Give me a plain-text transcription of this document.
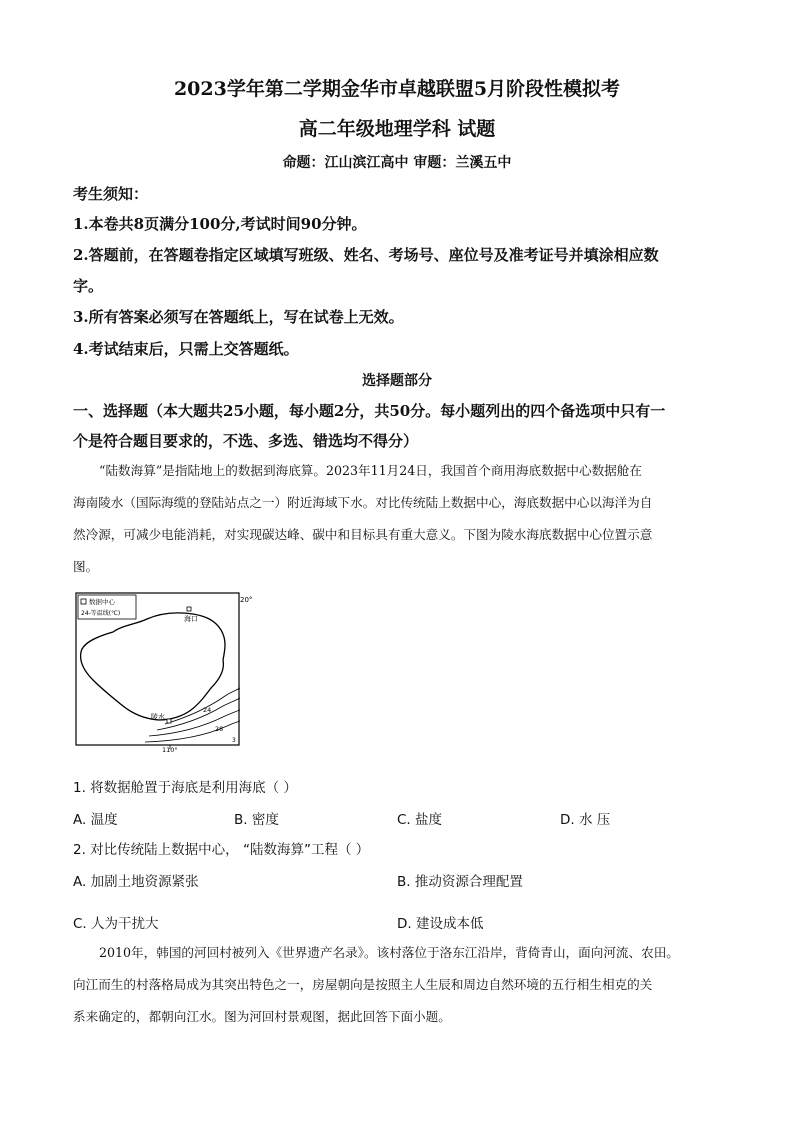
2023学年第二学期金华市卓越联盟5月阶段性模拟考
高二年级地理学科 试题
命题：江山滨江高中 审题：兰溪五中
考生须知：
1.本卷共8页满分100分,考试时间90分钟。
2.答题前，在答题卷指定区域填写班级、姓名、考场号、座位号及准考证号并填涂相应数
字。
3.所有答案必须写在答题纸上，写在试卷上无效。
4.考试结束后，只需上交答题纸。
选择题部分
一、选择题（本大题共25小题，每小题2分，共50分。每小题列出的四个备选项中只有一
个是符合题目要求的，不选、多选、错选均不得分）
“陆数海算”是指陆地上的数据到海底算。2023年11月24日，我国首个商用海底数据中心数据舱在
海南陵水（国际海缆的登陆站点之一）附近海域下水。对比传统陆上数据中心，海底数据中心以海洋为自
然冷源，可减少电能消耗，对实现碳达峰、碳中和目标具有重大意义。下图为陵水海底数据中心位置示意
图。
数据中心
24-等温线(℃)
海口
陵水
24
28
3
20°
110°
1. 将数据舱置于海底是利用海底（ ）
A. 温度	B. 密度	C. 盐度	D. 水 压
2. 对比传统陆上数据中心， “陆数海算”工程（ ）
A. 加剧土地资源紧张	B. 推动资源合理配置
C. 人为干扰大	D. 建设成本低
2010年，韩国的河回村被列入《世界遗产名录》。该村落位于洛东江沿岸，背倚青山，面向河流、农田。
向江而生的村落格局成为其突出特色之一，房屋朝向是按照主人生辰和周边自然环境的五行相生相克的关
系来确定的，都朝向江水。图为河回村景观图，据此回答下面小题。
